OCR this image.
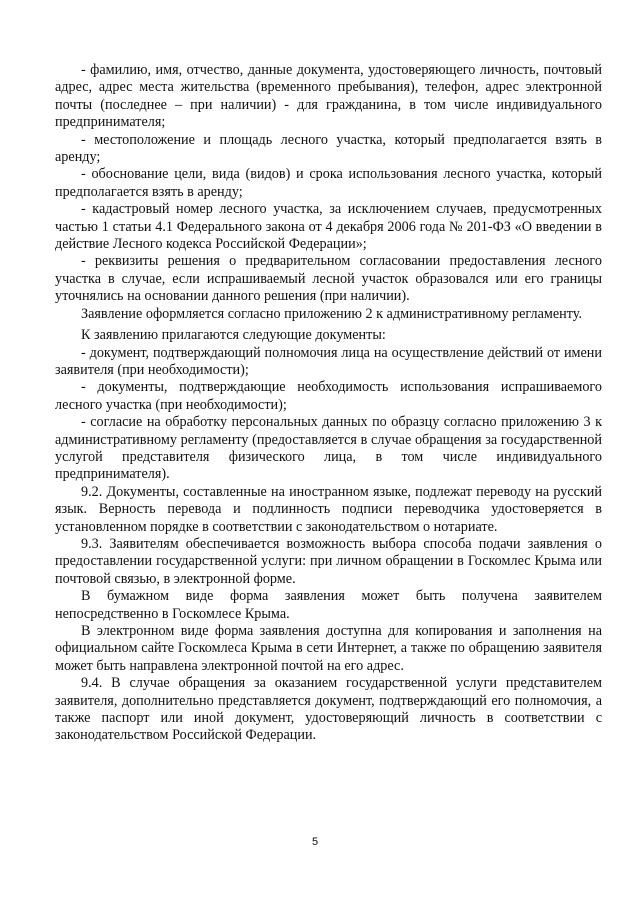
- фамилию, имя, отчество, данные документа, удостоверяющего личность, почтовый адрес, адрес места жительства (временного пребывания), телефон, адрес электронной почты (последнее – при наличии) - для гражданина, в том числе индивидуального предпринимателя;

- местоположение и площадь лесного участка, который предполагается взять в аренду;

- обоснование цели, вида (видов) и срока использования лесного участка, который предполагается взять в аренду;

- кадастровый номер лесного участка, за исключением случаев, предусмотренных частью 1 статьи 4.1 Федерального закона от 4 декабря 2006 года № 201-ФЗ «О введении в действие Лесного кодекса Российской Федерации»;

- реквизиты решения о предварительном согласовании предоставления лесного участка в случае, если испрашиваемый лесной участок образовался или его границы уточнялись на основании данного решения (при наличии).

Заявление оформляется согласно приложению 2 к административному регламенту.

К заявлению прилагаются следующие документы:

- документ, подтверждающий полномочия лица на осуществление действий от имени заявителя (при необходимости);

- документы, подтверждающие необходимость использования испрашиваемого лесного участка (при необходимости);

- согласие на обработку персональных данных по образцу согласно приложению 3 к административному регламенту (предоставляется в случае обращения за государственной услугой представителя физического лица, в том числе индивидуального предпринимателя).

9.2. Документы, составленные на иностранном языке, подлежат переводу на русский язык. Верность перевода и подлинность подписи переводчика удостоверяется в установленном порядке в соответствии с законодательством о нотариате.

9.3. Заявителям обеспечивается возможность выбора способа подачи заявления о предоставлении государственной услуги: при личном обращении в Госкомлес Крыма или почтовой связью, в электронной форме.

В бумажном виде форма заявления может быть получена заявителем непосредственно в Госкомлесе Крыма.

В электронном виде форма заявления доступна для копирования и заполнения на официальном сайте Госкомлеса Крыма в сети Интернет, а также по обращению заявителя может быть направлена электронной почтой на его адрес.

9.4. В случае обращения за оказанием государственной услуги представителем заявителя, дополнительно представляется документ, подтверждающий его полномочия, а также паспорт или иной документ, удостоверяющий личность в соответствии с законодательством Российской Федерации.

5
